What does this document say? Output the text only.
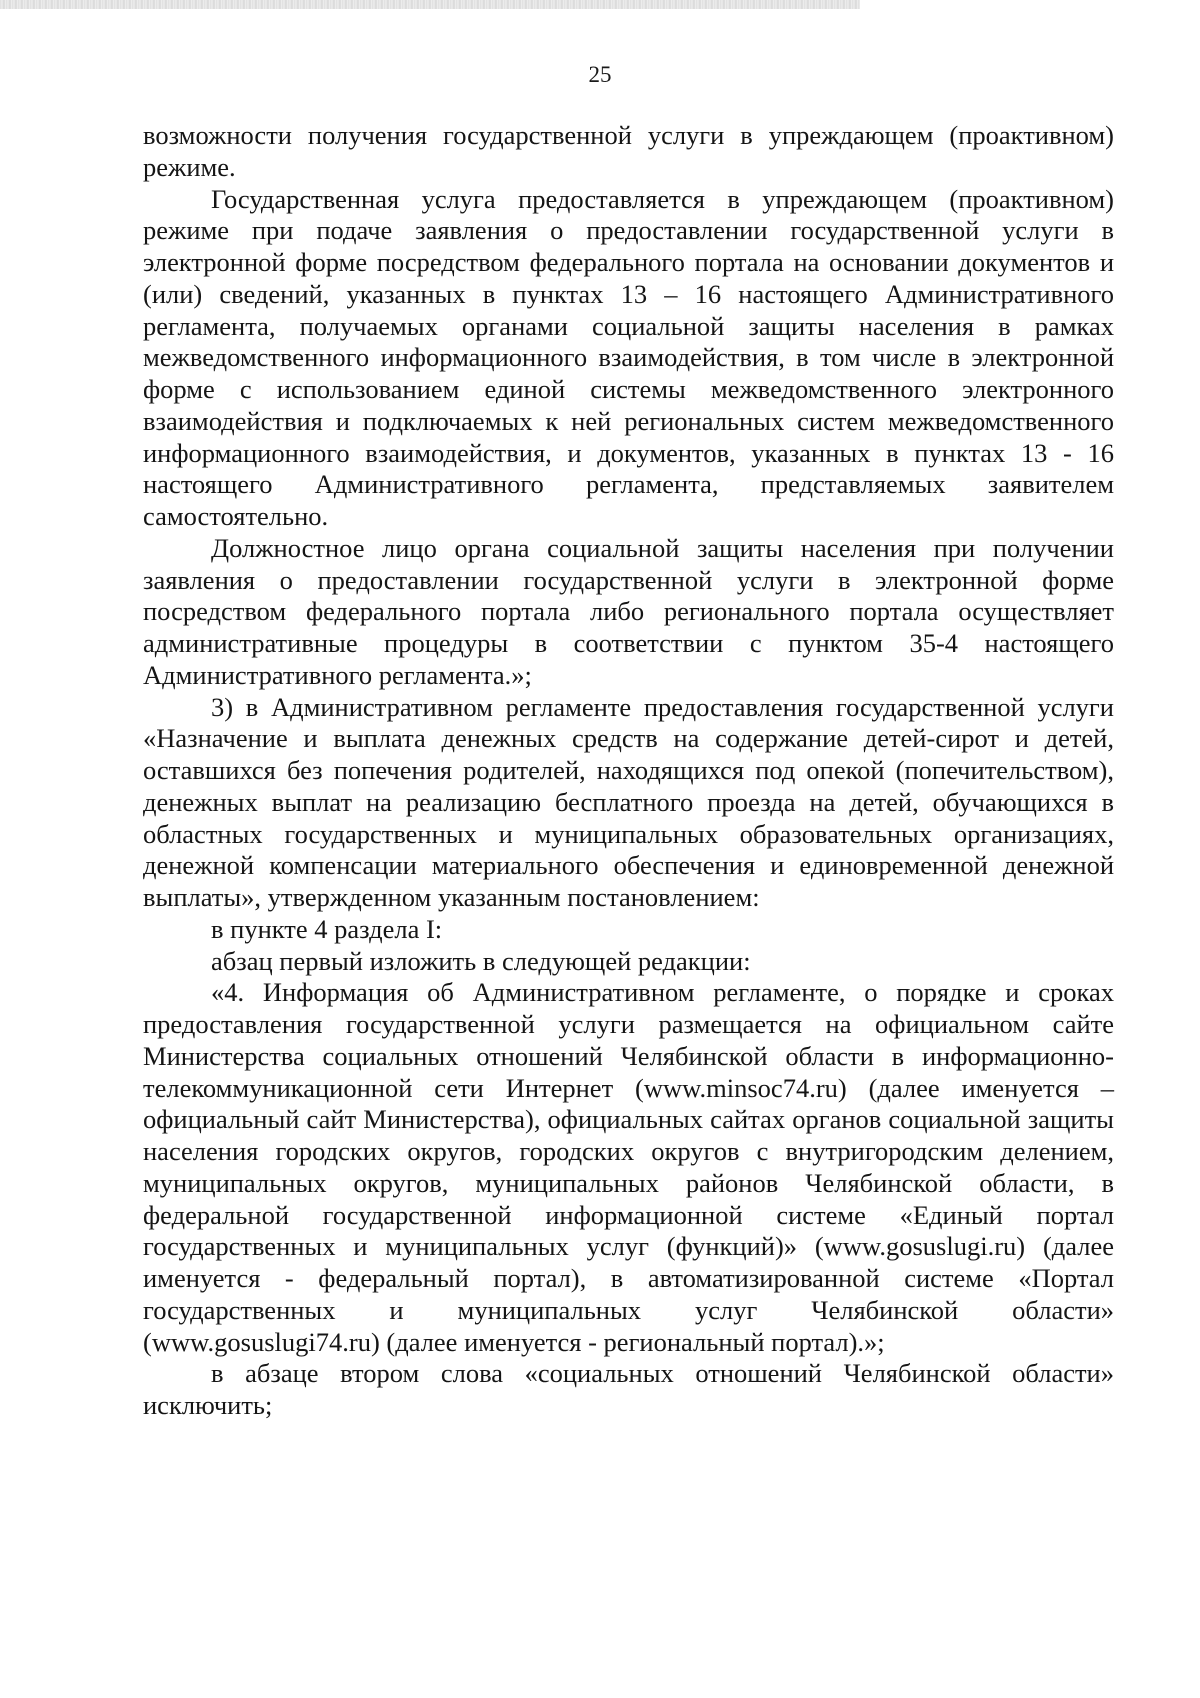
25

возможности получения государственной услуги в упреждающем (проактивном) режиме.

Государственная услуга предоставляется в упреждающем (проактивном) режиме при подаче заявления о предоставлении государственной услуги в электронной форме посредством федерального портала на основании документов и (или) сведений, указанных в пунктах 13 – 16 настоящего Административного регламента, получаемых органами социальной защиты населения в рамках межведомственного информационного взаимодействия, в том числе в электронной форме с использованием единой системы межведомственного электронного взаимодействия и подключаемых к ней региональных систем межведомственного информационного взаимодействия, и документов, указанных в пунктах 13 - 16 настоящего Административного регламента, представляемых заявителем самостоятельно.

Должностное лицо органа социальной защиты населения при получении заявления о предоставлении государственной услуги в электронной форме посредством федерального портала либо регионального портала осуществляет административные процедуры в соответствии с пунктом 35-4 настоящего Административного регламента.»;

3) в Административном регламенте предоставления государственной услуги «Назначение и выплата денежных средств на содержание детей-сирот и детей, оставшихся без попечения родителей, находящихся под опекой (попечительством), денежных выплат на реализацию бесплатного проезда на детей, обучающихся в областных государственных и муниципальных образовательных организациях, денежной компенсации материального обеспечения и единовременной денежной выплаты», утвержденном указанным постановлением:

в пункте 4 раздела I:

абзац первый изложить в следующей редакции:

«4. Информация об Административном регламенте, о порядке и сроках предоставления государственной услуги размещается на официальном сайте Министерства социальных отношений Челябинской области в информационно-телекоммуникационной сети Интернет (www.minsoc74.ru) (далее именуется – официальный сайт Министерства), официальных сайтах органов социальной защиты населения городских округов, городских округов с внутригородским делением, муниципальных округов, муниципальных районов Челябинской области, в федеральной государственной информационной системе «Единый портал государственных и муниципальных услуг (функций)» (www.gosuslugi.ru) (далее именуется - федеральный портал), в автоматизированной системе «Портал государственных и муниципальных услуг Челябинской области» (www.gosuslugi74.ru) (далее именуется - региональный портал).»;

в абзаце втором слова «социальных отношений Челябинской области» исключить;
